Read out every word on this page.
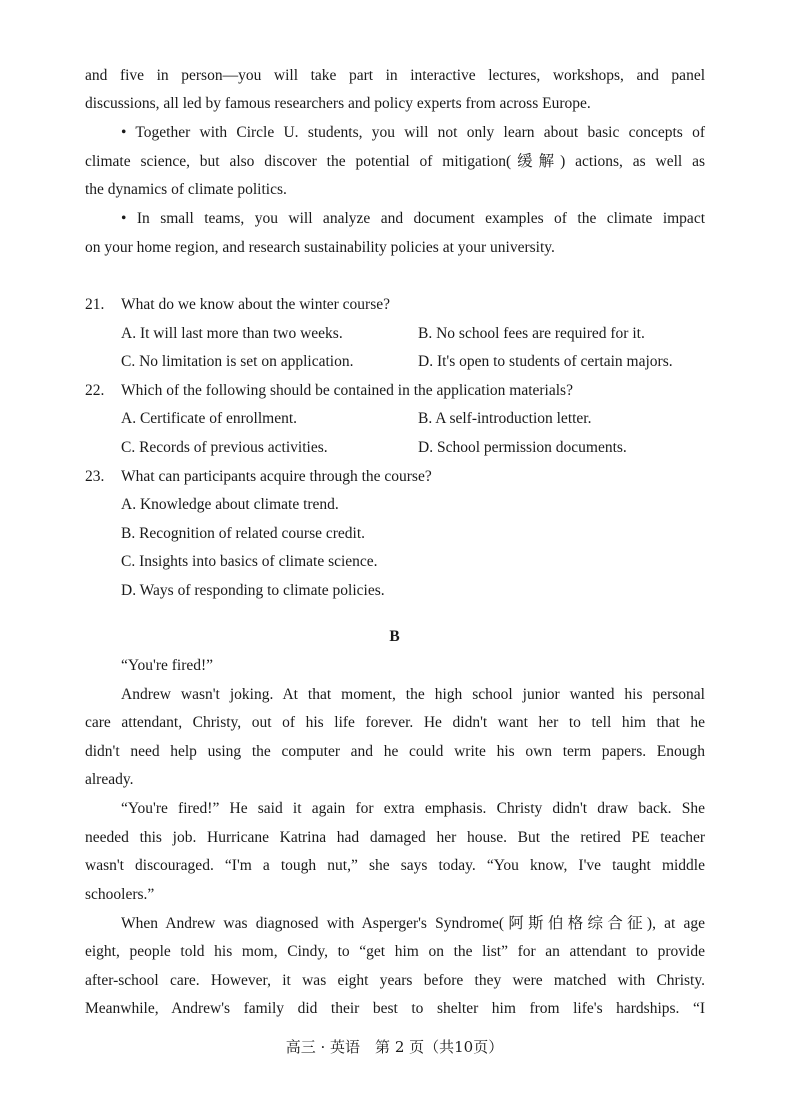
and five in person—you will take part in interactive lectures, workshops, and panel
discussions, all led by famous researchers and policy experts from across Europe.
• Together with Circle U. students, you will not only learn about basic concepts of
climate science, but also discover the potential of mitigation(缓解) actions, as well as
the dynamics of climate politics.
• In small teams, you will analyze and document examples of the climate impact
on your home region, and research sustainability policies at your university.
21. What do we know about the winter course?
A. It will last more than two weeks.	B. No school fees are required for it.
C. No limitation is set on application.	D. It's open to students of certain majors.
22. Which of the following should be contained in the application materials?
A. Certificate of enrollment.	B. A self-introduction letter.
C. Records of previous activities.	D. School permission documents.
23. What can participants acquire through the course?
A. Knowledge about climate trend.
B. Recognition of related course credit.
C. Insights into basics of climate science.
D. Ways of responding to climate policies.
B
“You're fired!”
Andrew wasn't joking. At that moment, the high school junior wanted his personal
care attendant, Christy, out of his life forever. He didn't want her to tell him that he
didn't need help using the computer and he could write his own term papers. Enough
already.
“You're fired!” He said it again for extra emphasis. Christy didn't draw back. She
needed this job. Hurricane Katrina had damaged her house. But the retired PE teacher
wasn't discouraged. “I'm a tough nut,” she says today. “You know, I've taught middle
schoolers.”
When Andrew was diagnosed with Asperger's Syndrome(阿斯伯格综合征), at age
eight, people told his mom, Cindy, to “get him on the list” for an attendant to provide
after-school care. However, it was eight years before they were matched with Christy.
Meanwhile, Andrew's family did their best to shelter him from life's hardships. “I
高三 · 英语　第 2 页（共10页）
